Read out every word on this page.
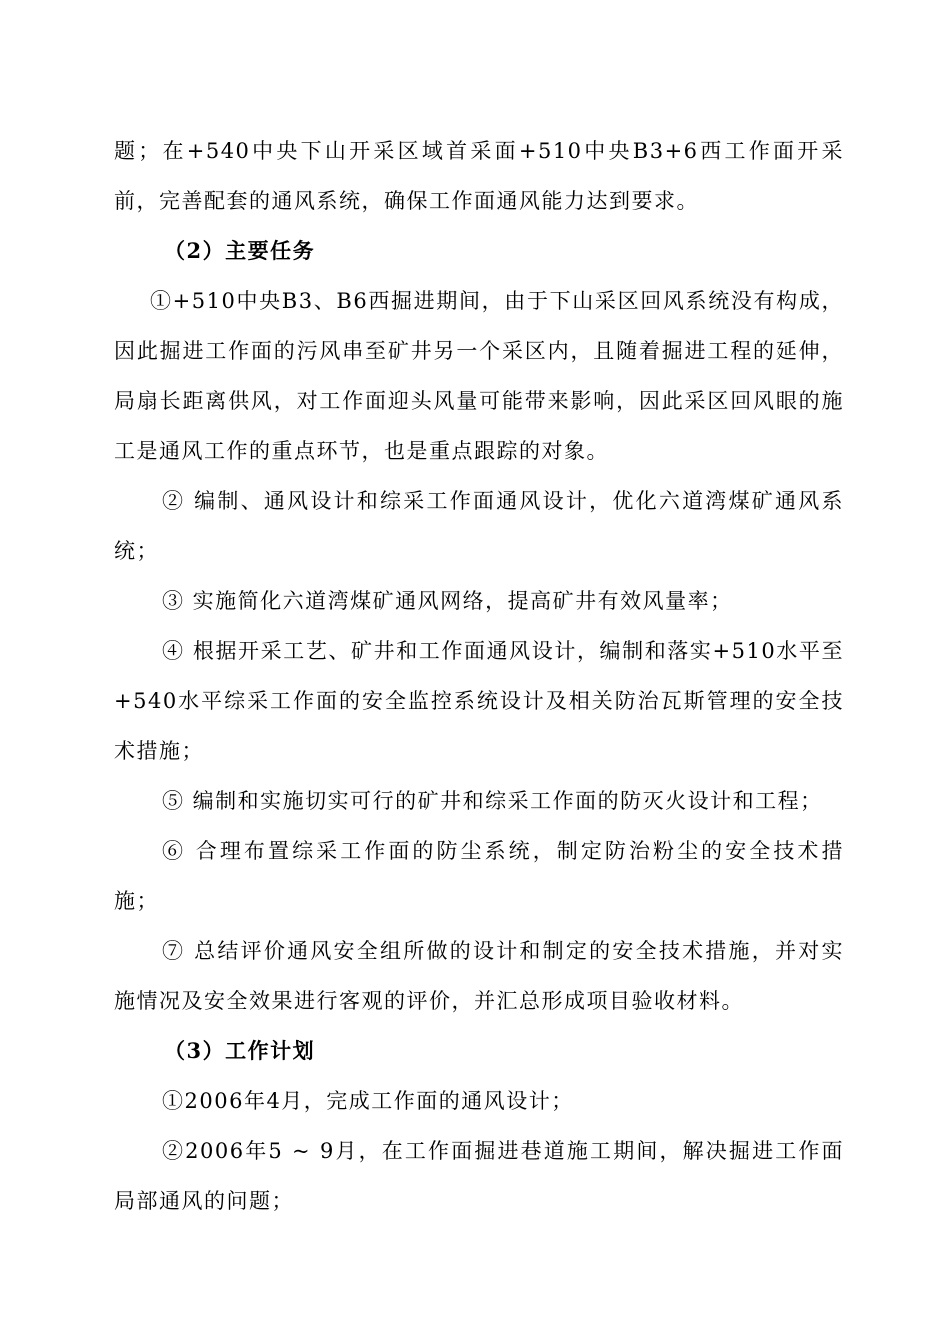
题；在+540中央下山开采区域首采面+510中央B3+6西工作面开采前，完善配套的通风系统，确保工作面通风能力达到要求。

（2）主要任务

①+510中央B3、B6西掘进期间，由于下山采区回风系统没有构成，因此掘进工作面的污风串至矿井另一个采区内，且随着掘进工程的延伸，局扇长距离供风，对工作面迎头风量可能带来影响，因此采区回风眼的施工是通风工作的重点环节，也是重点跟踪的对象。

② 编制、通风设计和综采工作面通风设计，优化六道湾煤矿通风系统；

③ 实施简化六道湾煤矿通风网络，提高矿井有效风量率；

④ 根据开采工艺、矿井和工作面通风设计，编制和落实+510水平至+540水平综采工作面的安全监控系统设计及相关防治瓦斯管理的安全技术措施；

⑤ 编制和实施切实可行的矿井和综采工作面的防灭火设计和工程；

⑥ 合理布置综采工作面的防尘系统，制定防治粉尘的安全技术措施；

⑦ 总结评价通风安全组所做的设计和制定的安全技术措施，并对实施情况及安全效果进行客观的评价，并汇总形成项目验收材料。

（3）工作计划

①2006年4月，完成工作面的通风设计；

②2006年5 ~ 9月，在工作面掘进巷道施工期间，解决掘进工作面局部通风的问题；
